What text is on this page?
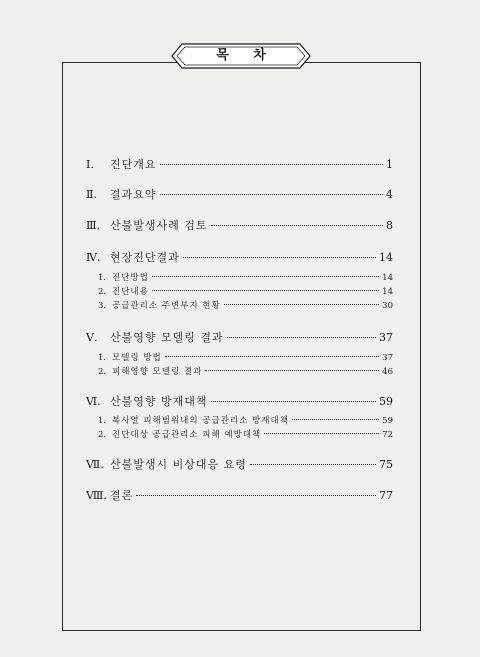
목 차
Ⅰ.	진단개요	1
Ⅱ.	결과요약	4
Ⅲ. 산불발생사례 검토	8
Ⅳ. 현장진단결과	14
1. 진단방법	14
2. 진단내용	14
3. 공급관리소 주변부지 현황	30
Ⅴ.	산불영향 모델링 결과	37
1. 모델링 방법	37
2. 피해영향 모델링 결과	46
Ⅵ. 산불영향 방재대책	59
1. 복사열 피해범위내의 공급관리소 방재대책	59
2. 진단대상 공급관리소 피해 예방대책	72
Ⅶ. 산불발생시 비상대응 요령	75
Ⅷ. 결론	77
